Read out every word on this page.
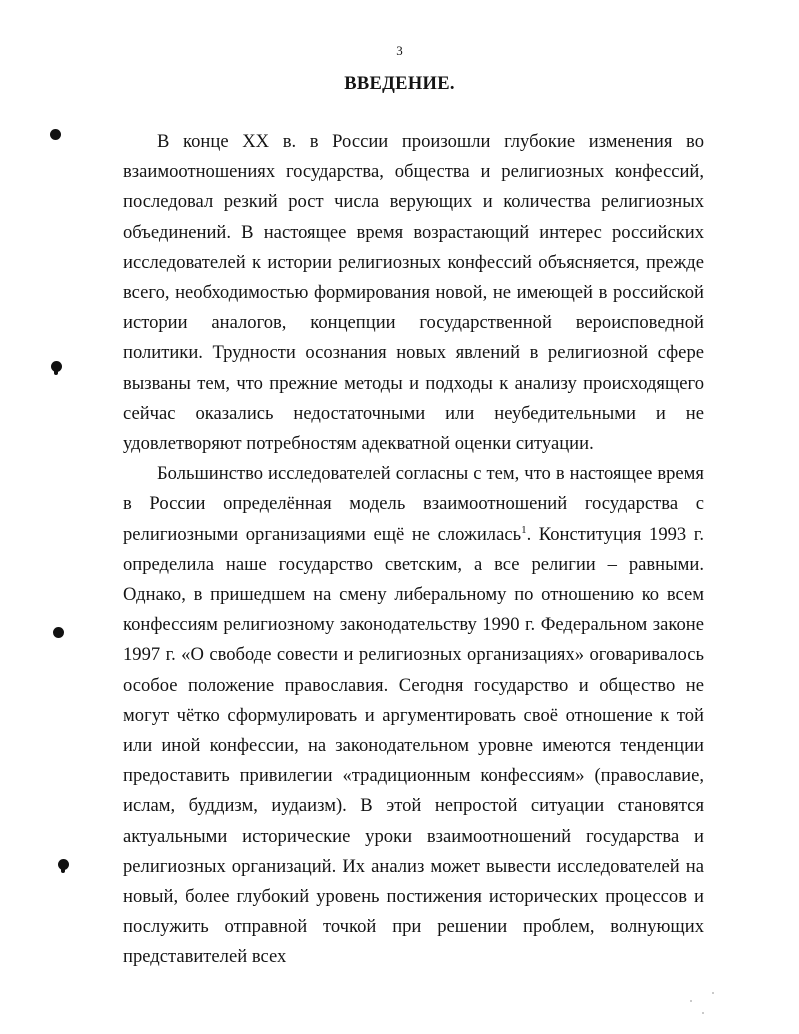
3
ВВЕДЕНИЕ.

В конце XX в. в России произошли глубокие изменения во взаимоотношениях государства, общества и религиозных конфессий, последовал резкий рост числа верующих и количества религиозных объединений. В настоящее время возрастающий интерес российских исследователей к истории религиозных конфессий объясняется, прежде всего, необходимостью формирования новой, не имеющей в российской истории аналогов, концепции государственной вероисповедной политики. Трудности осознания новых явлений в религиозной сфере вызваны тем, что прежние методы и подходы к анализу происходящего сейчас оказались недостаточными или неубедительными и не удовлетворяют потребностям адекватной оценки ситуации.

Большинство исследователей согласны с тем, что в настоящее время в России определённая модель взаимоотношений государства с религиозными организациями ещё не сложилась$^1$. Конституция 1993 г. определила наше государство светским, а все религии – равными. Однако, в пришедшем на смену либеральному по отношению ко всем конфессиям религиозному законодательству 1990 г. Федеральном законе 1997 г. «О свободе совести и религиозных организациях» оговаривалось особое положение православия. Сегодня государство и общество не могут чётко сформулировать и аргументировать своё отношение к той или иной конфессии, на законодательном уровне имеются тенденции предоставить привилегии «традиционным конфессиям» (православие, ислам, буддизм, иудаизм). В этой непростой ситуации становятся актуальными исторические уроки взаимоотношений государства и религиозных организаций. Их анализ может вывести исследователей на новый, более глубокий уровень постижения исторических процессов и послужить отправной точкой при решении проблем, волнующих представителей всех
